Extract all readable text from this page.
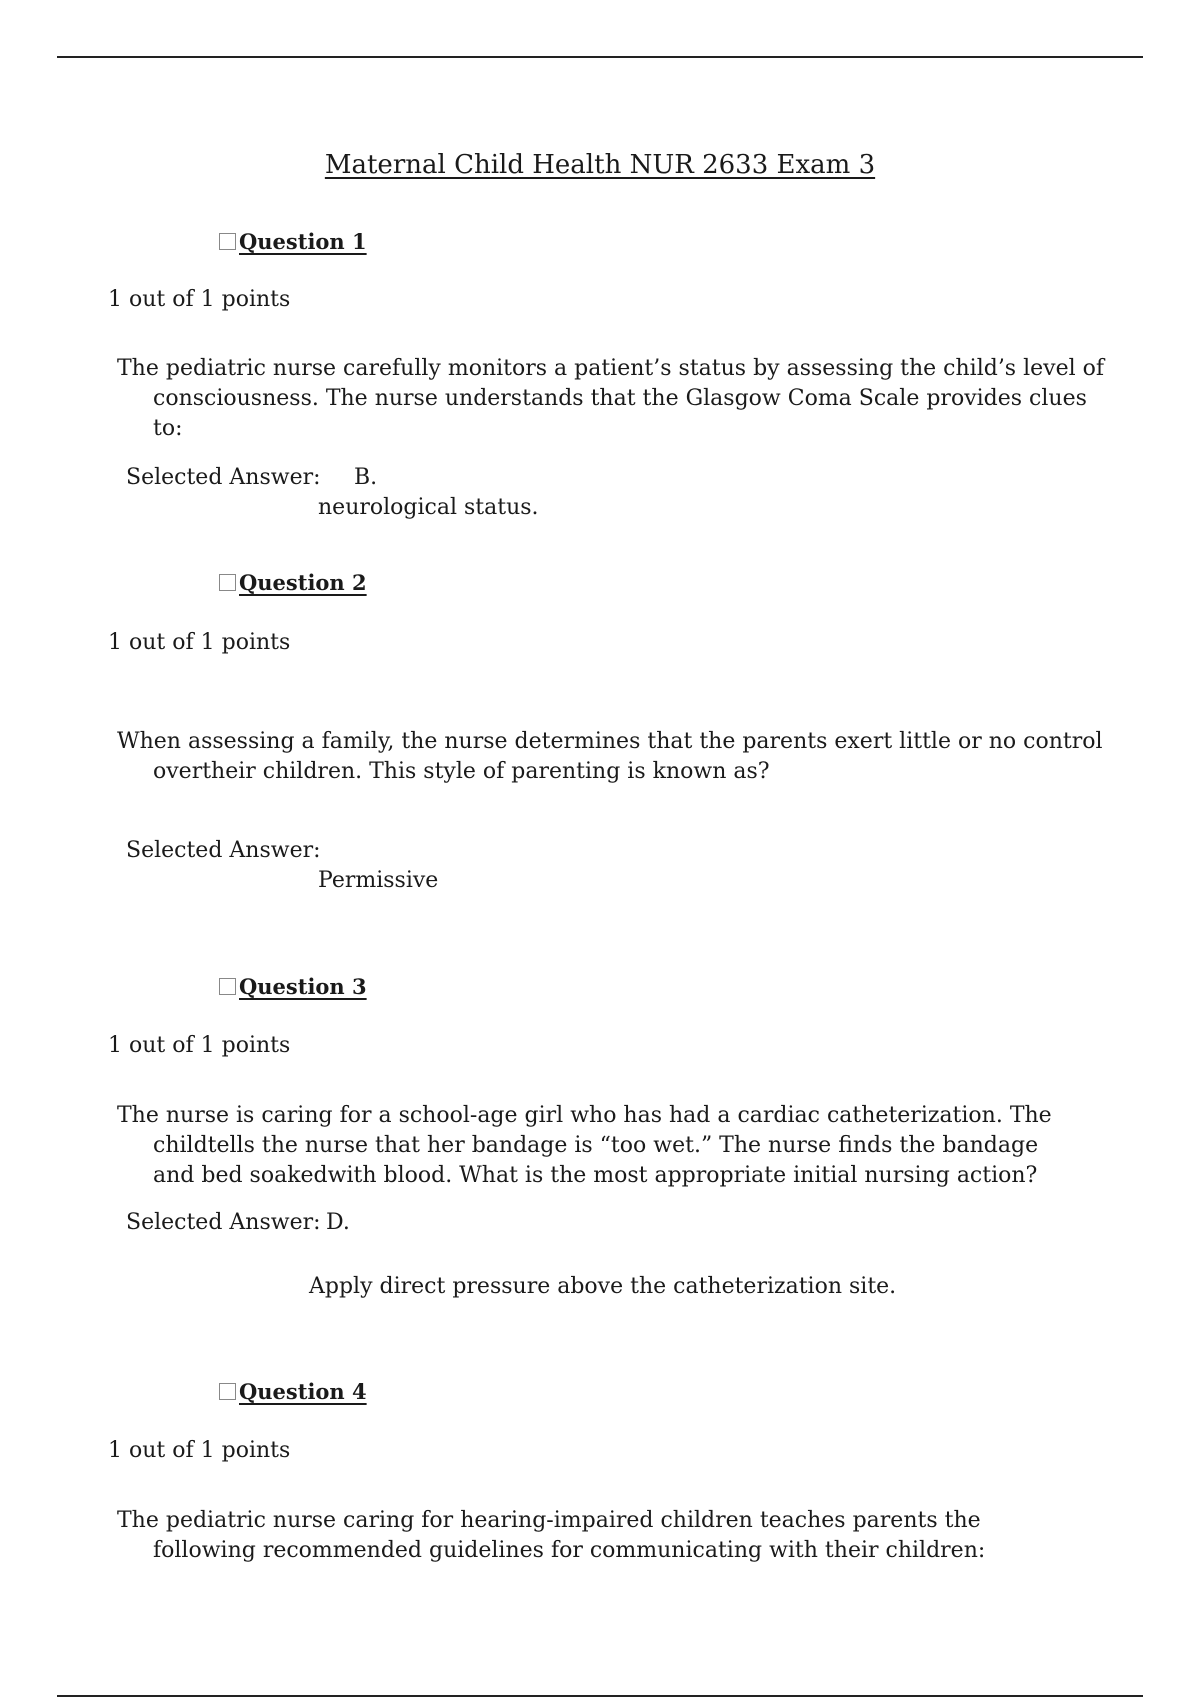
Maternal Child Health NUR 2633 Exam 3
Question 1
1 out of 1 points
The pediatric nurse carefully monitors a patient’s status by assessing the child’s level of consciousness. The nurse understands that the Glasgow Coma Scale provides clues to:
Selected Answer: B.
neurological status.
Question 2
1 out of 1 points
When assessing a family, the nurse determines that the parents exert little or no control overtheir children. This style of parenting is known as?
Selected Answer:
Permissive
Question 3
1 out of 1 points
The nurse is caring for a school-age girl who has had a cardiac catheterization. The childtells the nurse that her bandage is “too wet.” The nurse finds the bandage and bed soakedwith blood. What is the most appropriate initial nursing action?
Selected Answer: D.
Apply direct pressure above the catheterization site.
Question 4
1 out of 1 points
The pediatric nurse caring for hearing-impaired children teaches parents the following recommended guidelines for communicating with their children:
